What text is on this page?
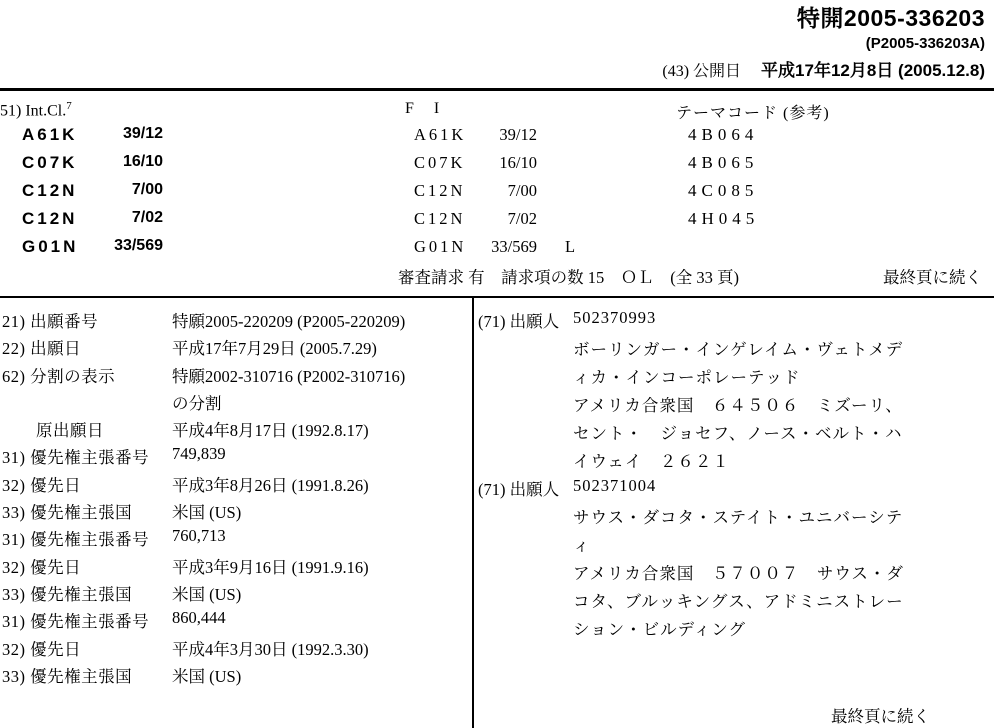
特開2005-336203
(P2005-336203A)
(43) 公開日 平成17年12月8日 (2005.12.8)
51) Int.Cl.$^7$	F I	テーマコード (参考)
A61K	39/12	A61K	39/12	4B064
C07K	16/10	C07K	16/10	4B065
C12N	7/00	C12N	7/00	4C085
C12N	7/02	C12N	7/02	4H045
G01N	33/569	G01N	33/569 L
審査請求 有　請求項の数 15　ＯＬ　(全 33 頁)	最終頁に続く
21) 出願番号	特願2005-220209 (P2005-220209)
22) 出願日	平成17年7月29日 (2005.7.29)
62) 分割の表示	特願2002-310716 (P2002-310716)
の分割
　　原出願日	平成4年8月17日 (1992.8.17)
31) 優先権主張番号 749,839
32) 優先日	平成3年8月26日 (1991.8.26)
33) 優先権主張国 米国 (US)
31) 優先権主張番号 760,713
32) 優先日	平成3年9月16日 (1991.9.16)
33) 優先権主張国 米国 (US)
31) 優先権主張番号 860,444
32) 優先日	平成4年3月30日 (1992.3.30)
33) 優先権主張国 米国 (US)
(71) 出願人 502370993
ボーリンガー・インゲレイム・ヴェトメデ
ィカ・インコーポレーテッド
アメリカ合衆国　６４５０６　ミズーリ、
セント・　ジョセフ、ノース・ベルト・ハ
イウェイ　２６２１
(71) 出願人 502371004
サウス・ダコタ・ステイト・ユニバーシテ
ィ
アメリカ合衆国　５７００７　サウス・ダ
コタ、ブルッキングス、アドミニストレー
ション・ビルディング
最終頁に続く
